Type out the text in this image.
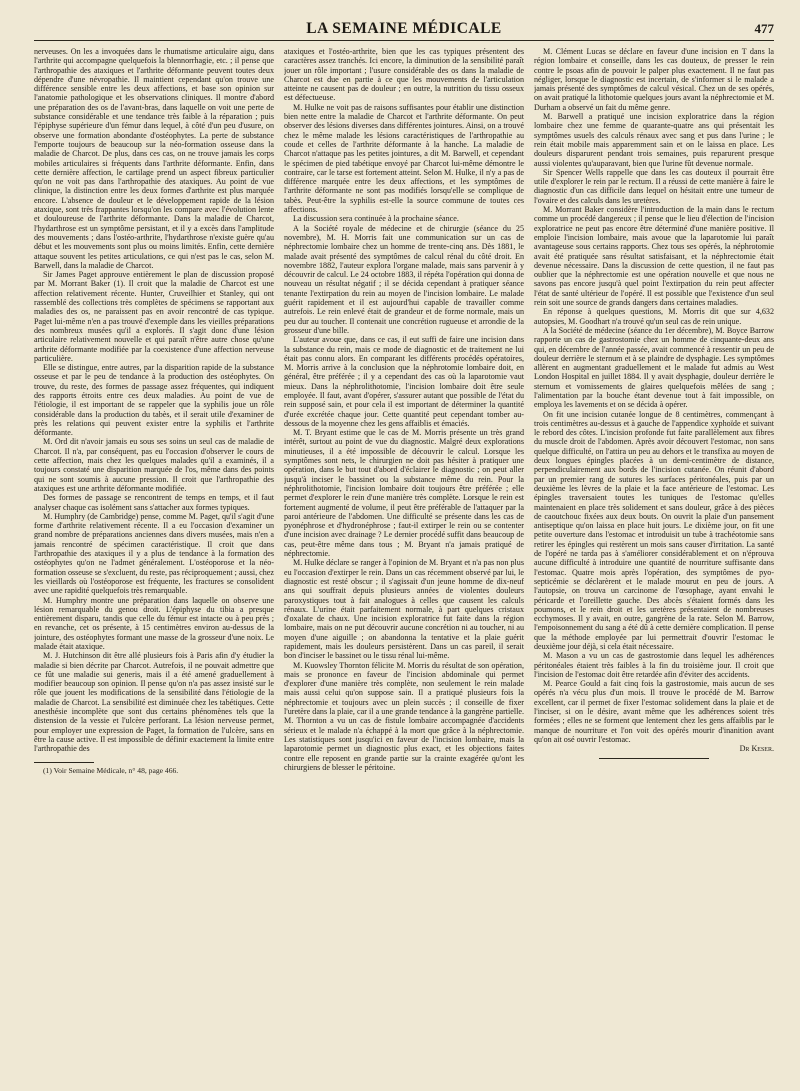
LA SEMAINE MÉDICALE	477

nerveuses. On les a invoquées dans le rhumatisme articulaire aigu, dans l'arthrite qui accompagne quelquefois la blennorrhagie, etc. ; il pense que l'arthropathie des ataxiques et l'arthrite déformante peuvent toutes deux dépendre d'une névropathie. Il maintient cependant qu'on trouve une différence sensible entre les deux affections, et base son opinion sur l'anatomie pathologique et les observations cliniques. Il montre d'abord une préparation des os de l'avant-bras, dans laquelle on voit une perte de substance considérable et une tendance très faible à la réparation ; puis l'épiphyse supérieure d'un fémur dans lequel, à côté d'un peu d'usure, on observe une formation abondante d'ostéophytes. La perte de substance l'emporte toujours de beaucoup sur la néo-formation osseuse dans la maladie de Charcot. De plus, dans ces cas, on ne trouve jamais les corps mobiles articulaires si fréquents dans l'arthrite déformante. Enfin, dans cette dernière affection, le cartilage prend un aspect fibreux particulier qu'on ne voit pas dans l'arthropathie des ataxiques. Au point de vue clinique, la distinction entre les deux formes d'arthrite est plus marquée encore. L'absence de douleur et le développement rapide de la lésion ataxique, sont très frappantes lorsqu'on les compare avec l'évolution lente et douloureuse de l'arthrite déformante. Dans la maladie de Charcot, l'hydarthrose est un symptôme persistant, et il y a excès dans l'amplitude des mouvements ; dans l'ostéo-arthrite, l'hydarthrose n'existe guère qu'au début et les mouvements sont plus ou moins limités. Enfin, cette dernière attaque souvent les petites articulations, ce qui n'est pas le cas, selon M. Barwell, dans la maladie de Charcot.

Sir James Paget approuve entièrement le plan de discussion proposé par M. Morrant Baker (1). Il croit que la maladie de Charcot est une affection relativement récente. Hunter, Cruveilhier et Stanley, qui ont rassemblé des collections très complètes de spécimens se rapportant aux maladies des os, ne paraissent pas en avoir rencontré de cas typique. Paget lui-même n'en a pas trouvé d'exemple dans les vieilles préparations des nombreux musées qu'il a explorés. Il s'agit donc d'une lésion articulaire relativement nouvelle et qui paraît n'être autre chose qu'une arthrite déformante modifiée par la coexistence d'une affection nerveuse particulière.

Elle se distingue, entre autres, par la disparition rapide de la substance osseuse et par le peu de tendance à la production des ostéophytes. On trouve, du reste, des formes de passage assez fréquentes, qui indiquent des rapports étroits entre ces deux maladies. Au point de vue de l'étiologie, il est important de se rappeler que la syphilis joue un rôle considérable dans la production du tabès, et il serait utile d'examiner de près les relations qui peuvent exister entre la syphilis et l'arthrite déformante.

M. Ord dit n'avoir jamais eu sous ses soins un seul cas de maladie de Charcot. Il n'a, par conséquent, pas eu l'occasion d'observer le cours de cette affection, mais chez les quelques malades qu'il a examinés, il a toujours constaté une disparition marquée de l'os, même dans des points qui ne sont soumis à aucune pression. Il croit que l'arthropathie des ataxiques est une arthrite déformante modifiée.

Des formes de passage se rencontrent de temps en temps, et il faut analyser chaque cas isolément sans s'attacher aux formes typiques.

M. Humphry (de Cambridge) pense, comme M. Paget, qu'il s'agit d'une forme d'arthrite relativement récente. Il a eu l'occasion d'examiner un grand nombre de préparations anciennes dans divers musées, mais n'en a jamais rencontré de spécimen caractéristique. Il croit que dans l'arthropathie des ataxiques il y a plus de tendance à la formation des ostéophytes qu'on ne l'admet généralement. L'ostéoporose et la néo-formation osseuse se s'excluent, du reste, pas réciproquement ; aussi, chez les vieillards où l'ostéoporose est fréquente, les fractures se consolident avec une rapidité quelquefois très remarquable.

M. Humphry montre une préparation dans laquelle on observe une lésion remarquable du genou droit. L'épiphyse du tibia a presque entièrement disparu, tandis que celle du fémur est intacte ou à peu près ; en revanche, cet os présente, à 15 centimètres environ au-dessus de la jointure, des ostéophytes formant une masse de la grosseur d'une noix. Le malade était ataxique.

M. J. Hutchinson dit être allé plusieurs fois à Paris afin d'y étudier la maladie si bien décrite par Charcot. Autrefois, il ne pouvait admettre que ce fût une maladie sui generis, mais il a été amené graduellement à modifier beaucoup son opinion. Il pense qu'on n'a pas assez insisté sur le rôle que jouent les modifications de la sensibilité dans l'étiologie de la maladie de Charcot. La sensibilité est diminuée chez les tabétiques. Cette anesthésie incomplète que sont dus certains phénomènes tels que la distension de la vessie et l'ulcère perforant. La lésion nerveuse permet, pour employer une expression de Paget, la formation de l'ulcère, sans en être la cause active. Il est impossible de définir exactement la limite entre l'arthropathie des

(1) Voir Semaine Médicale, n° 48, page 466.

ataxiques et l'ostéo-arthrite, bien que les cas typiques présentent des caractères assez tranchés. Ici encore, la diminution de la sensibilité paraît jouer un rôle important ; l'usure considérable des os dans la maladie de Charcot est due en partie à ce que les mouvements de l'articulation atteinte ne causent pas de douleur ; en outre, la nutrition du tissu osseux est défectueuse.

M. Hulke ne voit pas de raisons suffisantes pour établir une distinction bien nette entre la maladie de Charcot et l'arthrite déformante. On peut observer des lésions diverses dans différentes jointures. Ainsi, on a trouvé chez le même malade les lésions caractéristiques de l'arthropathie au coude et celles de l'arthrite déformante à la hanche. La maladie de Charcot n'attaque pas les petites jointures, a dit M. Barwell, et cependant le spécimen de pied tabétique envoyé par Charcot lui-même démontre le contraire, car le tarse est fortement atteint. Selon M. Hulke, il n'y a pas de différence marquée entre les deux affections, et les symptômes de l'arthrite déformante ne sont pas modifiés lorsqu'elle se complique de tabès. Peut-être la syphilis est-elle la source commune de toutes ces affections.

La discussion sera continuée à la prochaine séance.

A la Société royale de médecine et de chirurgie (séance du 25 novembre), M. H. Morris fait une communication sur un cas de néphrectomie lombaire chez un homme de trente-cinq ans. Dès 1881, le malade avait présenté des symptômes de calcul rénal du côté droit. En novembre 1882, l'auteur explora l'organe malade, mais sans parvenir à y découvrir de calcul. Le 24 octobre 1883, il répéta l'opération qui donna de nouveau un résultat négatif ; il se décida cependant à pratiquer séance tenante l'extirpation du rein au moyen de l'incision lombaire. Le malade guérit rapidement et il est aujourd'hui capable de travailler comme autrefois. Le rein enlevé était de grandeur et de forme normale, mais un peu dur au toucher. Il contenait une concrétion rugueuse et arrondie de la grosseur d'une bille.

L'auteur avoue que, dans ce cas, il eut suffi de faire une incision dans la substance du rein, mais ce mode de diagnostic et de traitement ne lui était pas connu alors. En comparant les différents procédés opératoires, M. Morris arrive à la conclusion que la néphrotomie lombaire doit, en général, être préférée ; il y a cependant des cas où la laparotomie vaut mieux. Dans la néphrolithotomie, l'incision lombaire doit être seule employée. Il faut, avant d'opérer, s'assurer autant que possible de l'état du rein supposé sain, et pour cela il est important de déterminer la quantité d'urée excrétée chaque jour. Cette quantité peut cependant tomber au-dessous de la moyenne chez les gens affaiblis et émaciés.

M. T. Bryant estime que le cas de M. Morris présente un très grand intérêt, surtout au point de vue du diagnostic. Malgré deux explorations minutieuses, il a été impossible de découvrir le calcul. Lorsque les symptômes sont nets, le chirurgien ne doit pas hésiter à pratiquer une opération, dans le but tout d'abord d'éclairer le diagnostic ; on peut aller jusqu'à inciser le bassinet ou la substance même du rein. Pour la néphrolithotomie, l'incision lombaire doit toujours être préférée ; elle permet d'explorer le rein d'une manière très complète. Lorsque le rein est fortement augmenté de volume, il peut être préférable de l'attaquer par la paroi antérieure de l'abdomen. Une difficulté se présente dans les cas de pyonéphrose et d'hydronéphrose ; faut-il extirper le rein ou se contenter d'une incision avec drainage ? Le dernier procédé suffit dans beaucoup de cas, peut-être même dans tous ; M. Bryant n'a jamais pratiqué de néphrectomie.

M. Hulke déclare se ranger à l'opinion de M. Bryant et n'a pas non plus eu l'occasion d'extirper le rein. Dans un cas récemment observé par lui, le diagnostic est resté obscur ; il s'agissait d'un jeune homme de dix-neuf ans qui souffrait depuis plusieurs années de violentes douleurs paroxystiques tout à fait analogues à celles que causent les calculs rénaux. L'urine était parfaitement normale, à part quelques cristaux d'oxalate de chaux. Une incision exploratrice fut faite dans la région lombaire, mais on ne put découvrir aucune concrétion ni au toucher, ni au moyen d'une aiguille ; on abandonna la tentative et la plaie guérit rapidement, mais les douleurs persistèrent. Dans un cas pareil, il serait bon d'inciser le bassinet ou le tissu rénal lui-même.

M. Kuowsley Thornton félicite M. Morris du résultat de son opération, mais se prononce en faveur de l'incision abdominale qui permet d'explorer d'une manière très complète, non seulement le rein malade mais aussi celui qu'on suppose sain. Il a pratiqué plusieurs fois la néphrectomie et toujours avec un plein succès ; il conseille de fixer l'uretère dans la plaie, car il a une grande tendance à la gangrène partielle. M. Thornton a vu un cas de fistule lombaire accompagnée d'accidents sérieux et le malade n'a échappé à la mort que grâce à la néphrectomie. Les statistiques sont jusqu'ici en faveur de l'incision lombaire, mais la laparotomie permet un diagnostic plus exact, et les objections faites contre elle reposent en grande partie sur la crainte exagérée qu'ont les chirurgiens de blesser le péritoine.

M. Clément Lucas se déclare en faveur d'une incision en T dans la région lombaire et conseille, dans les cas douteux, de presser le rein contre le psoas afin de pouvoir le palper plus exactement. Il ne faut pas négliger, lorsque le diagnostic est incertain, de s'informer si le malade a jamais présenté des symptômes de calcul vésical. Chez un de ses opérés, on avait pratiqué la lithotomie quelques jours avant la néphrectomie et M. Durham a observé un fait du même genre.

M. Barwell a pratiqué une incision exploratrice dans la région lombaire chez une femme de quarante-quatre ans qui présentait les symptômes usuels des calculs rénaux avec sang et pus dans l'urine ; le rein était mobile mais apparemment sain et on le laissa en place. Les douleurs disparurent pendant trois semaines, puis reparurent presque aussi violentes qu'auparavant, bien que l'urine fût devenue normale.

Sir Spencer Wells rappelle que dans les cas douteux il pourrait être utile d'explorer le rein par le rectum. Il a réussi de cette manière à faire le diagnostic d'un cas difficile dans lequel on hésitait entre une tumeur de l'ovaire et des calculs dans les uretères.

M. Morrant Baker considère l'introduction de la main dans le rectum comme un procédé dangereux ; il pense que le lieu d'élection de l'incision exploratrice ne peut pas encore être déterminé d'une manière positive. Il emploie l'incision lombaire, mais avoue que la laparotomie lui paraît avantageuse sous certains rapports. Chez tous ses opérés, la néphrotomie avait été pratiquée sans résultat satisfaisant, et la néphrectomie était devenue nécessaire. Dans la discussion de cette question, il ne faut pas oublier que la néphrectomie est une opération nouvelle et que nous ne savons pas encore jusqu'à quel point l'extirpation du rein peut affecter l'état de santé ultérieur de l'opéré. Il est possible que l'existence d'un seul rein soit une source de grands dangers dans certaines maladies.

En réponse à quelques questions, M. Morris dit que sur 4,632 autopsies, M. Goodhart n'a trouvé qu'un seul cas de rein unique.

A la Société de médecine (séance du 1er décembre), M. Boyce Barrow rapporte un cas de gastrostomie chez un homme de cinquante-deux ans qui, en décembre de l'année passée, avait commencé à ressentir un peu de douleur derrière le sternum et à se plaindre de dysphagie. Les symptômes allèrent en augmentant graduellement et le malade fut admis au West London Hospital en juillet 1884. Il y avait dysphagie, douleur derrière le sternum et vomissements de glaires quelquefois mêlées de sang ; l'alimentation par la bouche étant devenue tout à fait impossible, on employa les lavements et on se décida à opérer.

On fit une incision cutanée longue de 8 centimètres, commençant à trois centimètres au-dessus et à gauche de l'appendice xyphoïde et suivant le rebord des côtes. L'incision profonde fut faite parallèlement aux fibres du muscle droit de l'abdomen. Après avoir découvert l'estomac, non sans quelque difficulté, on l'attira un peu au dehors et le transfixa au moyen de deux longues épingles placées à un demi-centimètre de distance, perpendiculairement aux bords de l'incision cutanée. On réunit d'abord par un premier rang de sutures les surfaces péritonéales, puis par un deuxième les lèvres de la plaie et la face antérieure de l'estomac. Les épingles traversaient toutes les tuniques de l'estomac qu'elles maintenaient en place très solidement et sans douleur, grâce à des pièces de caoutchouc fixées aux deux bouts. On ouvrit la plaie d'un pansement antiseptique qu'on laissa en place huit jours. Le dixième jour, on fit une petite ouverture dans l'estomac et introduisit un tube à trachéotomie sans retirer les épingles qui restèrent un mois sans causer d'irritation. La santé de l'opéré ne tarda pas à s'améliorer considérablement et on n'éprouva aucune difficulté à introduire une quantité de nourriture suffisante dans l'estomac. Quatre mois après l'opération, des symptômes de pyo-septicémie se déclarèrent et le malade mourut en peu de jours. A l'autopsie, on trouva un carcinome de l'œsophage, ayant envahi le péricarde et l'oreillette gauche. Des abcès s'étaient formés dans les poumons, et le rein droit et les uretères présentaient de nombreuses ecchymoses. Il y avait, en outre, gangrène de la rate. Selon M. Barrow, l'empoisonnement du sang a été dû à cette dernière complication. Il pense que la méthode employée par lui permettrait d'ouvrir l'estomac le deuxième jour déjà, si cela était nécessaire.

M. Mason a vu un cas de gastrostomie dans lequel les adhérences péritonéales étaient très faibles à la fin du troisième jour. Il croit que l'incision de l'estomac doit être retardée afin d'éviter des accidents.

M. Pearce Gould a fait cinq fois la gastrostomie, mais aucun de ses opérés n'a vécu plus d'un mois. Il trouve le procédé de M. Barrow excellent, car il permet de fixer l'estomac solidement dans la plaie et de l'inciser, si on le désire, avant même que les adhérences soient très formées ; elles ne se forment que lentement chez les gens affaiblis par le manque de nourriture et l'on voit des opérés mourir d'inanition avant qu'on ait osé ouvrir l'estomac.

Dr Keser.
